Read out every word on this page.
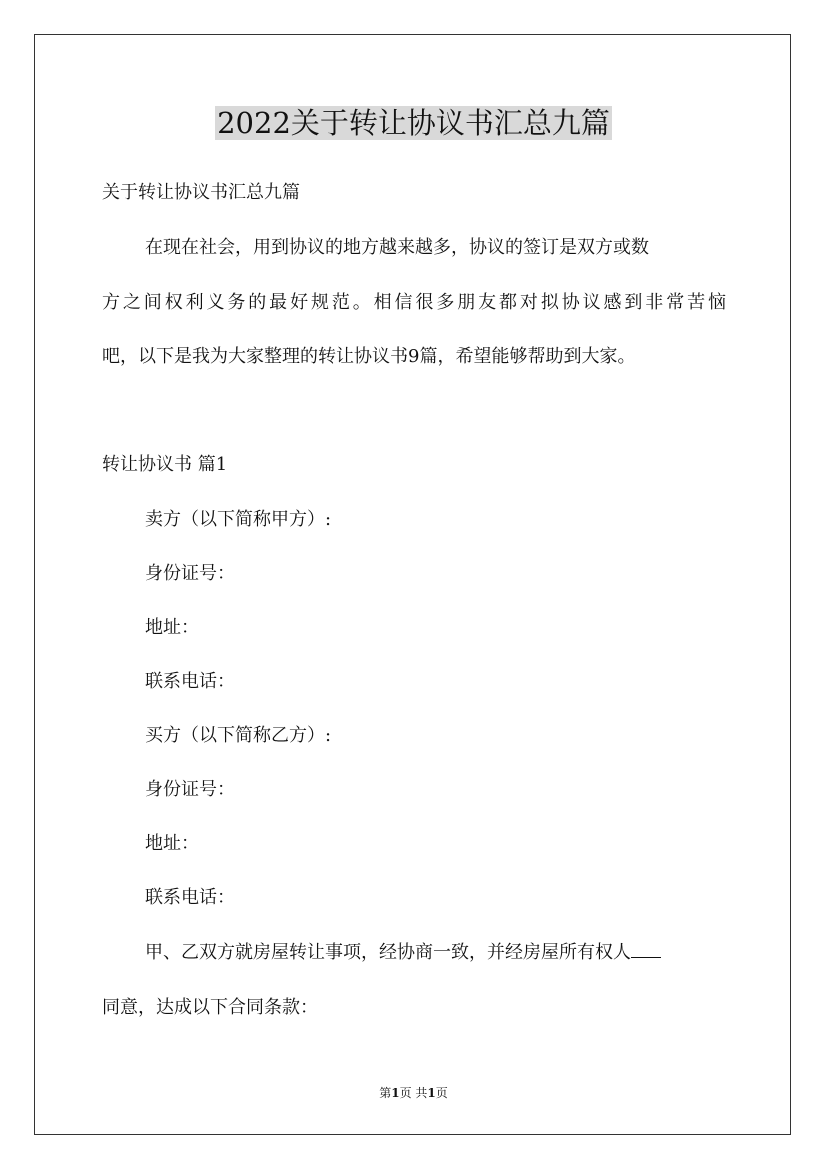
2022关于转让协议书汇总九篇

关于转让协议书汇总九篇

在现在社会，用到协议的地方越来越多，协议的签订是双方或数

方之间权利义务的最好规范。相信很多朋友都对拟协议感到非常苦恼

吧，以下是我为大家整理的转让协议书9篇，希望能够帮助到大家。

转让协议书 篇1

卖方（以下简称甲方）:

身份证号：

地址：

联系电话：

买方（以下简称乙方）:

身份证号：

地址：

联系电话：

甲、乙双方就房屋转让事项，经协商一致，并经房屋所有权人

同意，达成以下合同条款：

第1页 共1页
